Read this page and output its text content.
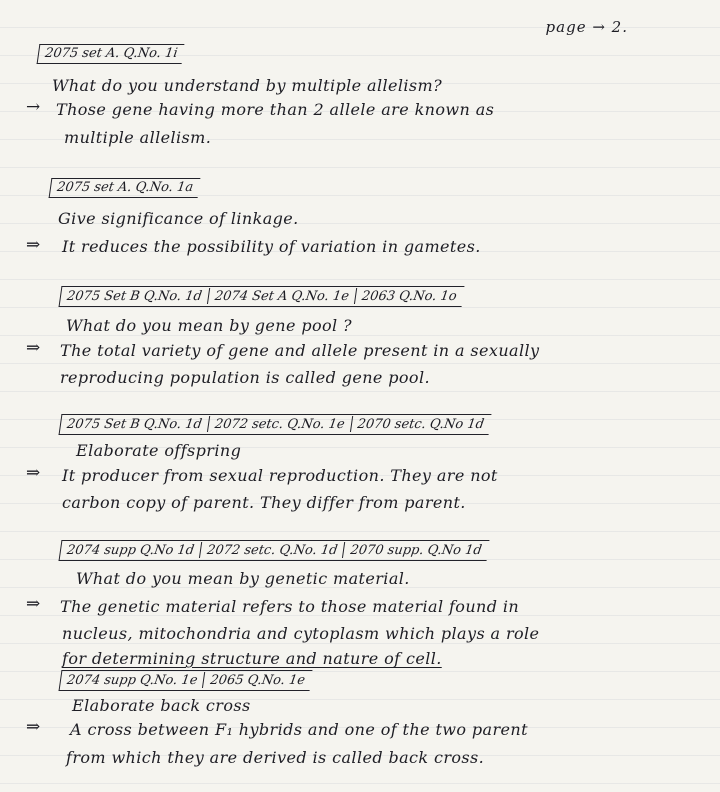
page → 2.
2075 set A. Q.No. 1i
What do you understand by multiple allelism?
→ Those gene having more than 2 allele are known as
multiple allelism.
2075 set A. Q.No. 1a
Give significance of linkage.
⇒ It reduces the possibility of variation in gametes.
2075 Set B Q.No. 1d 2074 Set A Q.No. 1e 2063 Q.No. 1o
What do you mean by gene pool ?
⇒ The total variety of gene and allele present in a sexually
reproducing population is called gene pool.
2075 Set B Q.No. 1d 2072 setc. Q.No. 1e 2070 setc. Q.No 1d
Elaborate offspring
⇒ It producer from sexual reproduction. They are not
carbon copy of parent. They differ from parent.
2074 supp Q.No 1d 2072 setc. Q.No. 1d 2070 supp. Q.No 1d
What do you mean by genetic material.
⇒ The genetic material refers to those material found in
nucleus, mitochondria and cytoplasm which plays a role
for determining structure and nature of cell.
2074 supp Q.No. 1e 2065 Q.No. 1e
Elaborate back cross
⇒ A cross between F₁ hybrids and one of the two parent
from which they are derived is called back cross.
